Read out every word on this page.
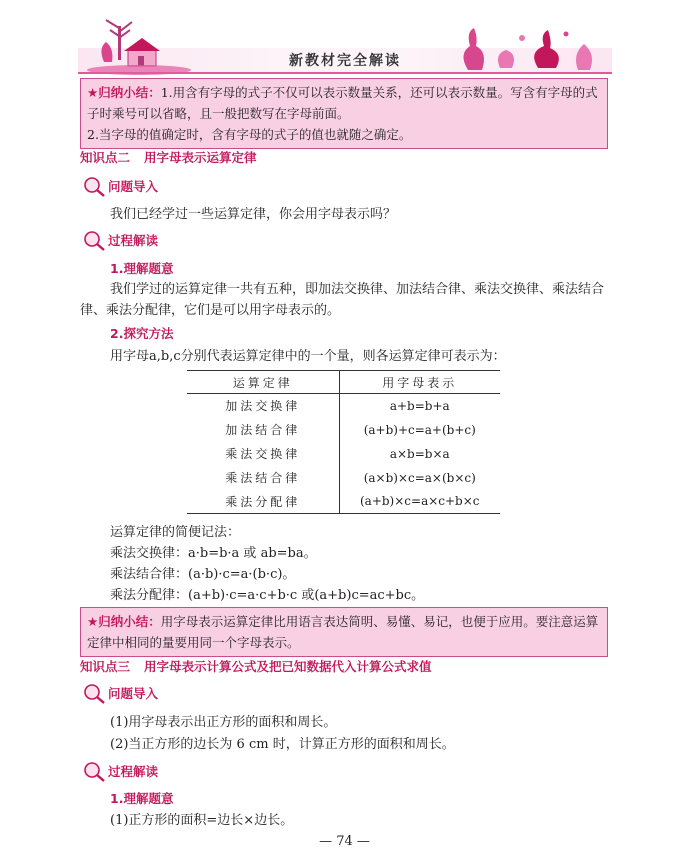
新教材完全解读
★归纳小结：1.用含有字母的式子不仅可以表示数量关系，还可以表示数量。写含有字母的式子时乘号可以省略，且一般把数写在字母前面。
2.当字母的值确定时，含有字母的式子的值也就随之确定。
知识点二 用字母表示运算定律
问题导入
我们已经学过一些运算定律，你会用字母表示吗？
过程解读
1.理解题意
我们学过的运算定律一共有五种，即加法交换律、加法结合律、乘法交换律、乘法结合律、乘法分配律，它们是可以用字母表示的。
2.探究方法
用字母a,b,c分别代表运算定律中的一个量，则各运算定律可表示为：
运算定律	用字母表示
加法交换律	a+b=b+a
加法结合律	(a+b)+c=a+(b+c)
乘法交换律	a×b=b×a
乘法结合律	(a×b)×c=a×(b×c)
乘法分配律	(a+b)×c=a×c+b×c
运算定律的简便记法：
乘法交换律：a·b=b·a 或 ab=ba。
乘法结合律：(a·b)·c=a·(b·c)。
乘法分配律：(a+b)·c=a·c+b·c 或(a+b)c=ac+bc。
★归纳小结：用字母表示运算定律比用语言表达简明、易懂、易记，也便于应用。要注意运算定律中相同的量要用同一个字母表示。
知识点三 用字母表示计算公式及把已知数据代入计算公式求值
问题导入
(1)用字母表示出正方形的面积和周长。
(2)当正方形的边长为 6 cm 时，计算正方形的面积和周长。
过程解读
1.理解题意
(1)正方形的面积=边长×边长。
— 74 —
